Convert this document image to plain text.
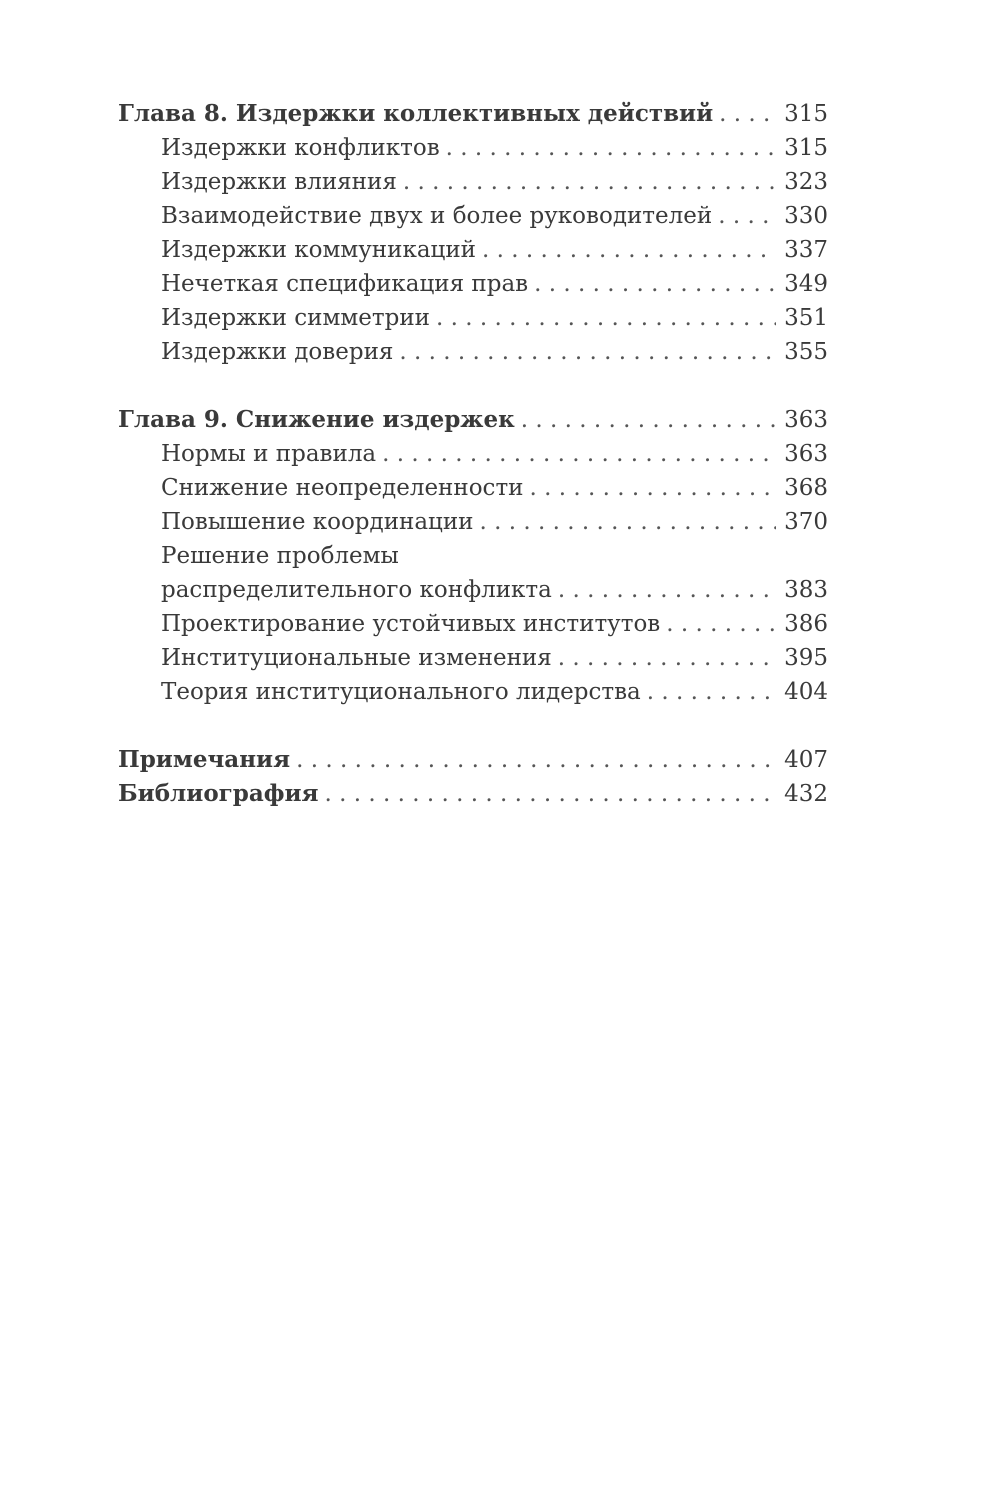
Глава 8. Издержки коллективных действий . . .	315
Издержки конфликтов . . .	315
Издержки влияния . . .	323
Взаимодействие двух и более руководителей . . .	330
Издержки коммуникаций . . .	337
Нечеткая спецификация прав . . .	349
Издержки симметрии . . .	351
Издержки доверия . . .	355
Глава 9. Снижение издержек . . .	363
Нормы и правила . . .	363
Снижение неопределенности . . .	368
Повышение координации . . .	370
Решение проблемы
распределительного конфликта . . .	383
Проектирование устойчивых институтов . . .	386
Институциональные изменения . . .	395
Теория институционального лидерства . . .	404
Примечания . . .	407
Библиография . . .	432
